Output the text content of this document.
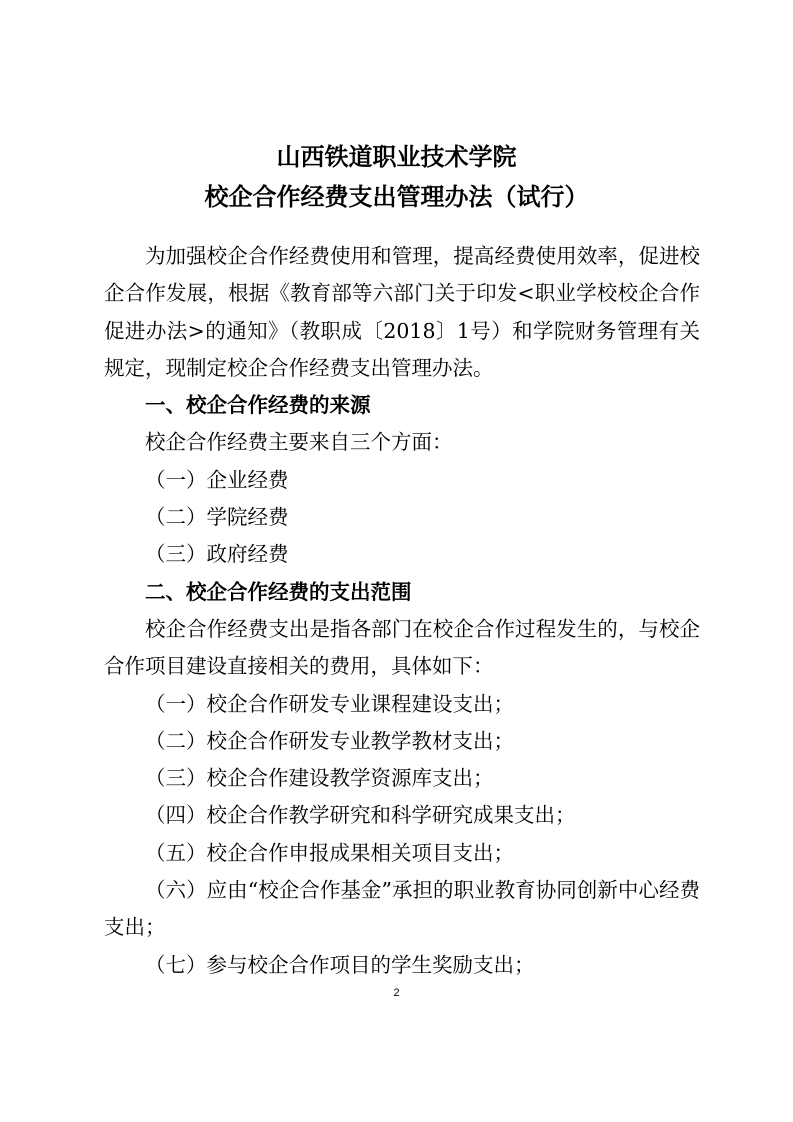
山西铁道职业技术学院
校企合作经费支出管理办法（试行）

为加强校企合作经费使用和管理，提高经费使用效率，促进校企合作发展，根据《教育部等六部门关于印发<职业学校校企合作促进办法>的通知》（教职成〔2018〕1号）和学院财务管理有关规定，现制定校企合作经费支出管理办法。

一、校企合作经费的来源

校企合作经费主要来自三个方面：

（一）企业经费

（二）学院经费

（三）政府经费

二、校企合作经费的支出范围

校企合作经费支出是指各部门在校企合作过程发生的，与校企合作项目建设直接相关的费用，具体如下：

（一）校企合作研发专业课程建设支出；

（二）校企合作研发专业教学教材支出；

（三）校企合作建设教学资源库支出；

（四）校企合作教学研究和科学研究成果支出；

（五）校企合作申报成果相关项目支出；

（六）应由“校企合作基金”承担的职业教育协同创新中心经费支出；

（七）参与校企合作项目的学生奖励支出；

2
